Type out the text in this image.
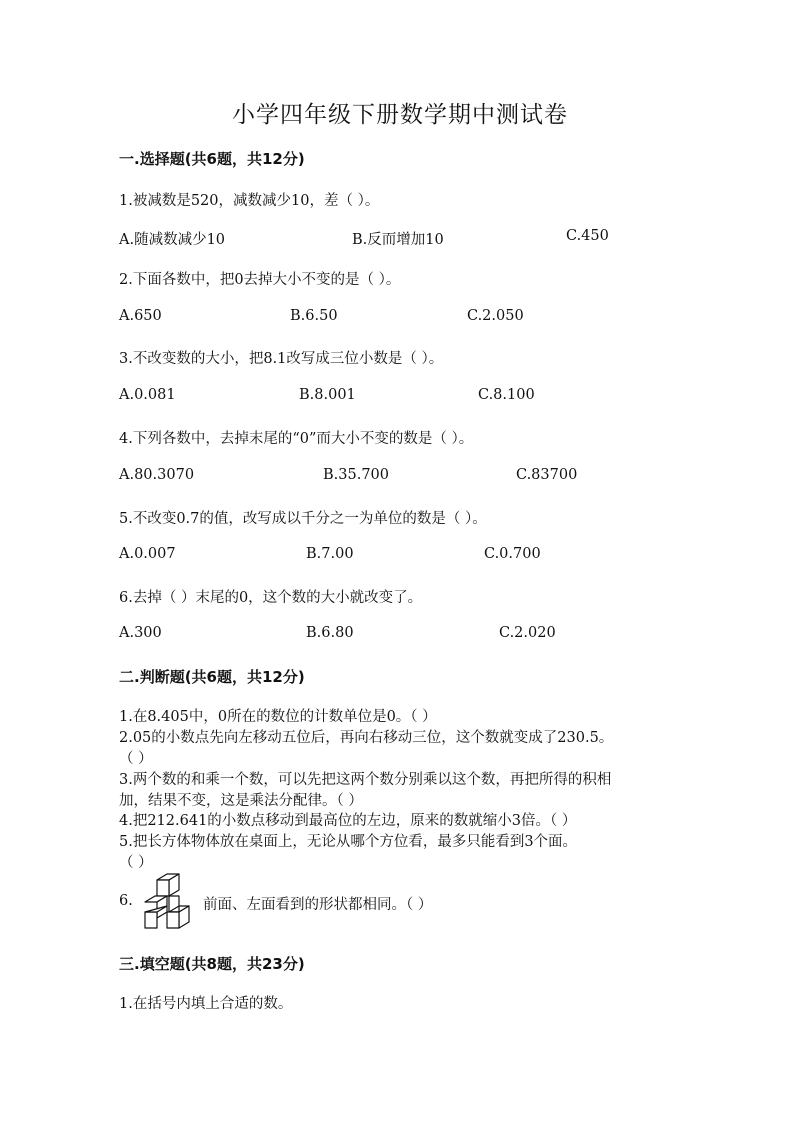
小学四年级下册数学期中测试卷
一.选择题(共6题，共12分)
1.被减数是520，减数减少10，差（ ）。
A.随减数减少10	B.反而增加10	C.450
2.下面各数中，把0去掉大小不变的是（ ）。
A.650	B.6.50	C.2.050
3.不改变数的大小，把8.1改写成三位小数是（ ）。
A.0.081	B.8.001	C.8.100
4.下列各数中，去掉末尾的“0”而大小不变的数是（ ）。
A.80.3070	B.35.700	C.83700
5.不改变0.7的值，改写成以千分之一为单位的数是（ ）。
A.0.007	B.7.00	C.0.700
6.去掉（ ）末尾的0，这个数的大小就改变了。
A.300	B.6.80	C.2.020
二.判断题(共6题，共12分)
1.在8.405中，0所在的数位的计数单位是0。（ ）
2.05的小数点先向左移动五位后，再向右移动三位，这个数就变成了230.5。
（ ）
3.两个数的和乘一个数，可以先把这两个数分别乘以这个数，再把所得的积相
加，结果不变，这是乘法分配律。（ ）
4.把212.641的小数点移动到最高位的左边，原来的数就缩小3倍。（ ）
5.把长方体物体放在桌面上，无论从哪个方位看，最多只能看到3个面。
（ ）
6.	前面、左面看到的形状都相同。（ ）
三.填空题(共8题，共23分)
1.在括号内填上合适的数。
